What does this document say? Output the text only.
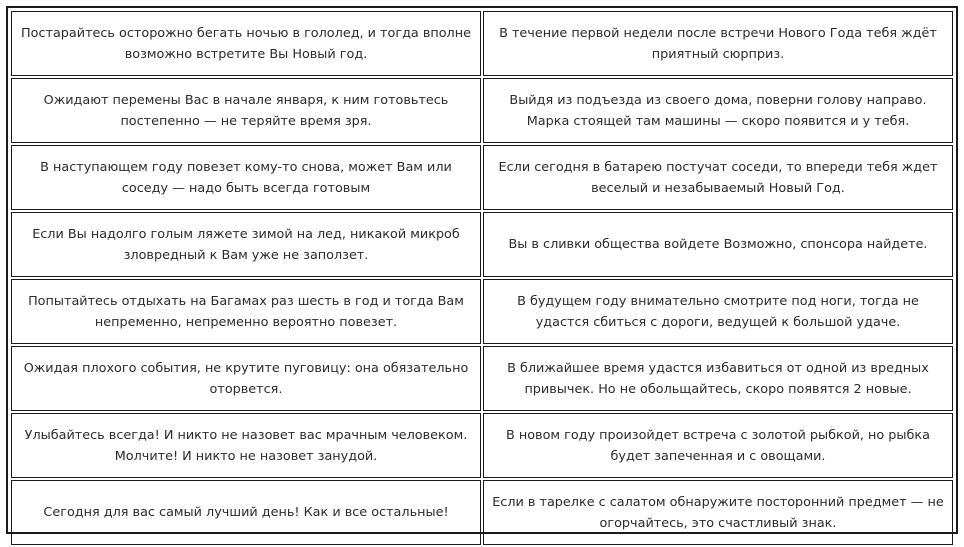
Постарайтесь осторожно бегать ночью в гололед, и тогда вполне возможно встретите Вы Новый год.	В течение первой недели после встречи Нового Года тебя ждёт приятный сюрприз.

Ожидают перемены Вас в начале января, к ним готовьтесь постепенно — не теряйте время зря.	Выйдя из подъезда из своего дома, поверни голову направо. Марка стоящей там машины — скоро появится и у тебя.

В наступающем году повезет кому-то снова, может Вам или соседу — надо быть всегда готовым	Если сегодня в батарею постучат соседи, то впереди тебя ждет веселый и незабываемый Новый Год.

Если Вы надолго голым ляжете зимой на лед, никакой микроб зловредный к Вам уже не заползет.	Вы в сливки общества войдете Возможно, спонсора найдете.

Попытайтесь отдыхать на Багамах раз шесть в год и тогда Вам непременно, непременно вероятно повезет.	В будущем году внимательно смотрите под ноги, тогда не удастся сбиться с дороги, ведущей к большой удаче.

Ожидая плохого события, не крутите пуговицу: она обязательно оторвется.	В ближайшее время удастся избавиться от одной из вредных привычек. Но не обольщайтесь, скоро появятся 2 новые.

Улыбайтесь всегда! И никто не назовет вас мрачным человеком. Молчите! И никто не назовет занудой.	В новом году произойдет встреча с золотой рыбкой, но рыбка будет запеченная и с овощами.

Сегодня для вас самый лучший день! Как и все остальные!	Если в тарелке с салатом обнаружите посторонний предмет — не огорчайтесь, это счастливый знак.
